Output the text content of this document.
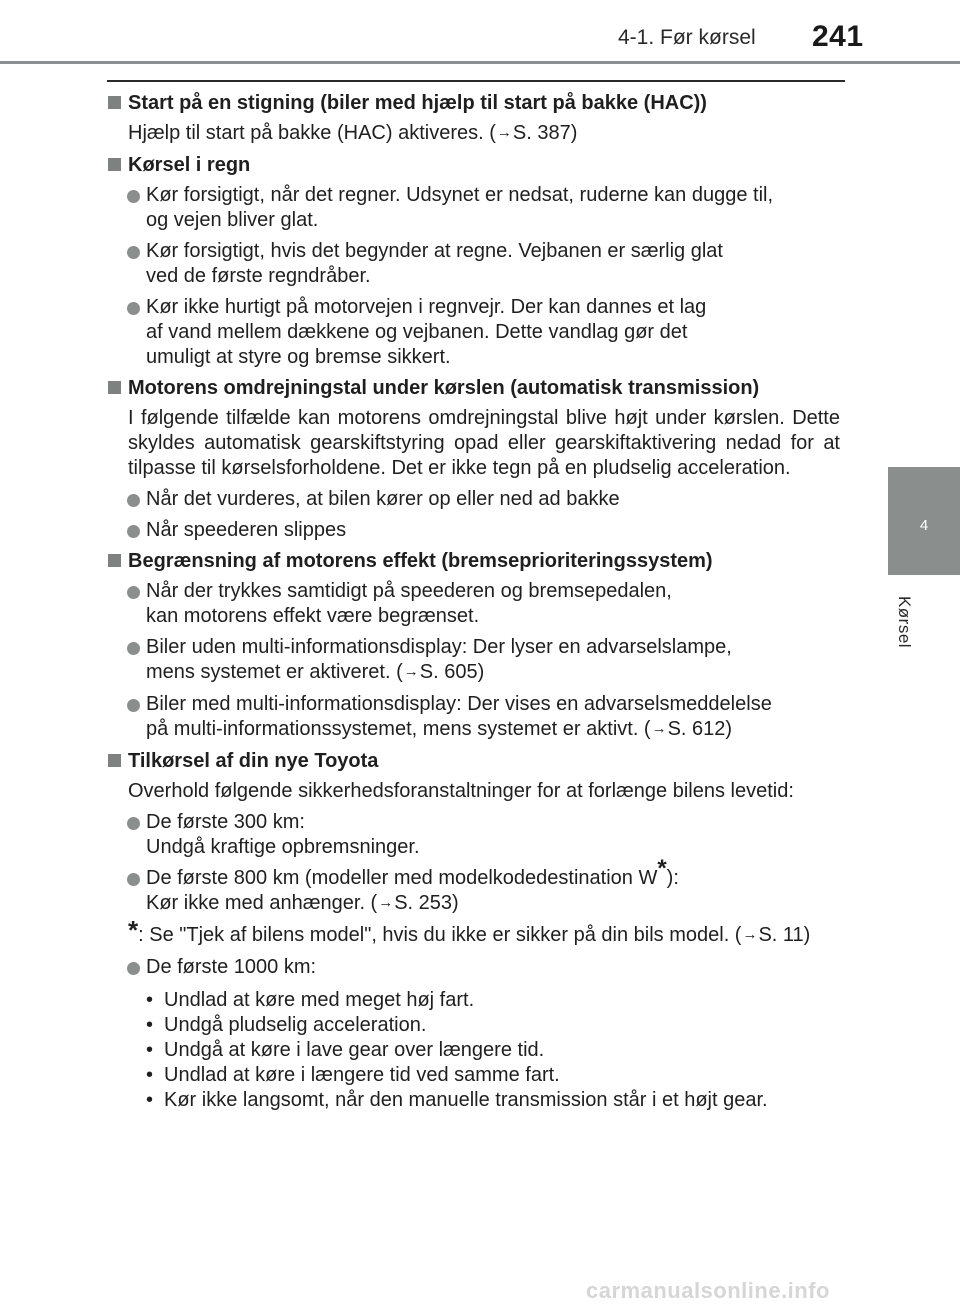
4-1. Før kørsel 241
4
Kørsel
Start på en stigning (biler med hjælp til start på bakke (HAC))
Hjælp til start på bakke (HAC) aktiveres. (→S. 387)
Kørsel i regn
Kør forsigtigt, når det regner. Udsynet er nedsat, ruderne kan dugge til,
og vejen bliver glat.
Kør forsigtigt, hvis det begynder at regne. Vejbanen er særlig glat
ved de første regndråber.
Kør ikke hurtigt på motorvejen i regnvejr. Der kan dannes et lag
af vand mellem dækkene og vejbanen. Dette vandlag gør det
umuligt at styre og bremse sikkert.
Motorens omdrejningstal under kørslen (automatisk transmission)
I følgende tilfælde kan motorens omdrejningstal blive højt under kørslen. Dette skyldes automatisk gearskiftstyring opad eller gearskiftaktivering nedad for at tilpasse til kørselsforholdene. Det er ikke tegn på en pludselig acceleration.
Når det vurderes, at bilen kører op eller ned ad bakke
Når speederen slippes
Begrænsning af motorens effekt (bremseprioriteringssystem)
Når der trykkes samtidigt på speederen og bremsepedalen,
kan motorens effekt være begrænset.
Biler uden multi-informationsdisplay: Der lyser en advarselslampe,
mens systemet er aktiveret. (→S. 605)
Biler med multi-informationsdisplay: Der vises en advarselsmeddelelse
på multi-informationssystemet, mens systemet er aktivt. (→S. 612)
Tilkørsel af din nye Toyota
Overhold følgende sikkerhedsforanstaltninger for at forlænge bilens levetid:
De første 300 km:
Undgå kraftige opbremsninger.
De første 800 km (modeller med modelkodedestination W*):
Kør ikke med anhænger. (→S. 253)
*: Se "Tjek af bilens model", hvis du ikke er sikker på din bils model. (→S. 11)
De første 1000 km:
• Undlad at køre med meget høj fart.
• Undgå pludselig acceleration.
• Undgå at køre i lave gear over længere tid.
• Undlad at køre i længere tid ved samme fart.
• Kør ikke langsomt, når den manuelle transmission står i et højt gear.
carmanualsonline.info
